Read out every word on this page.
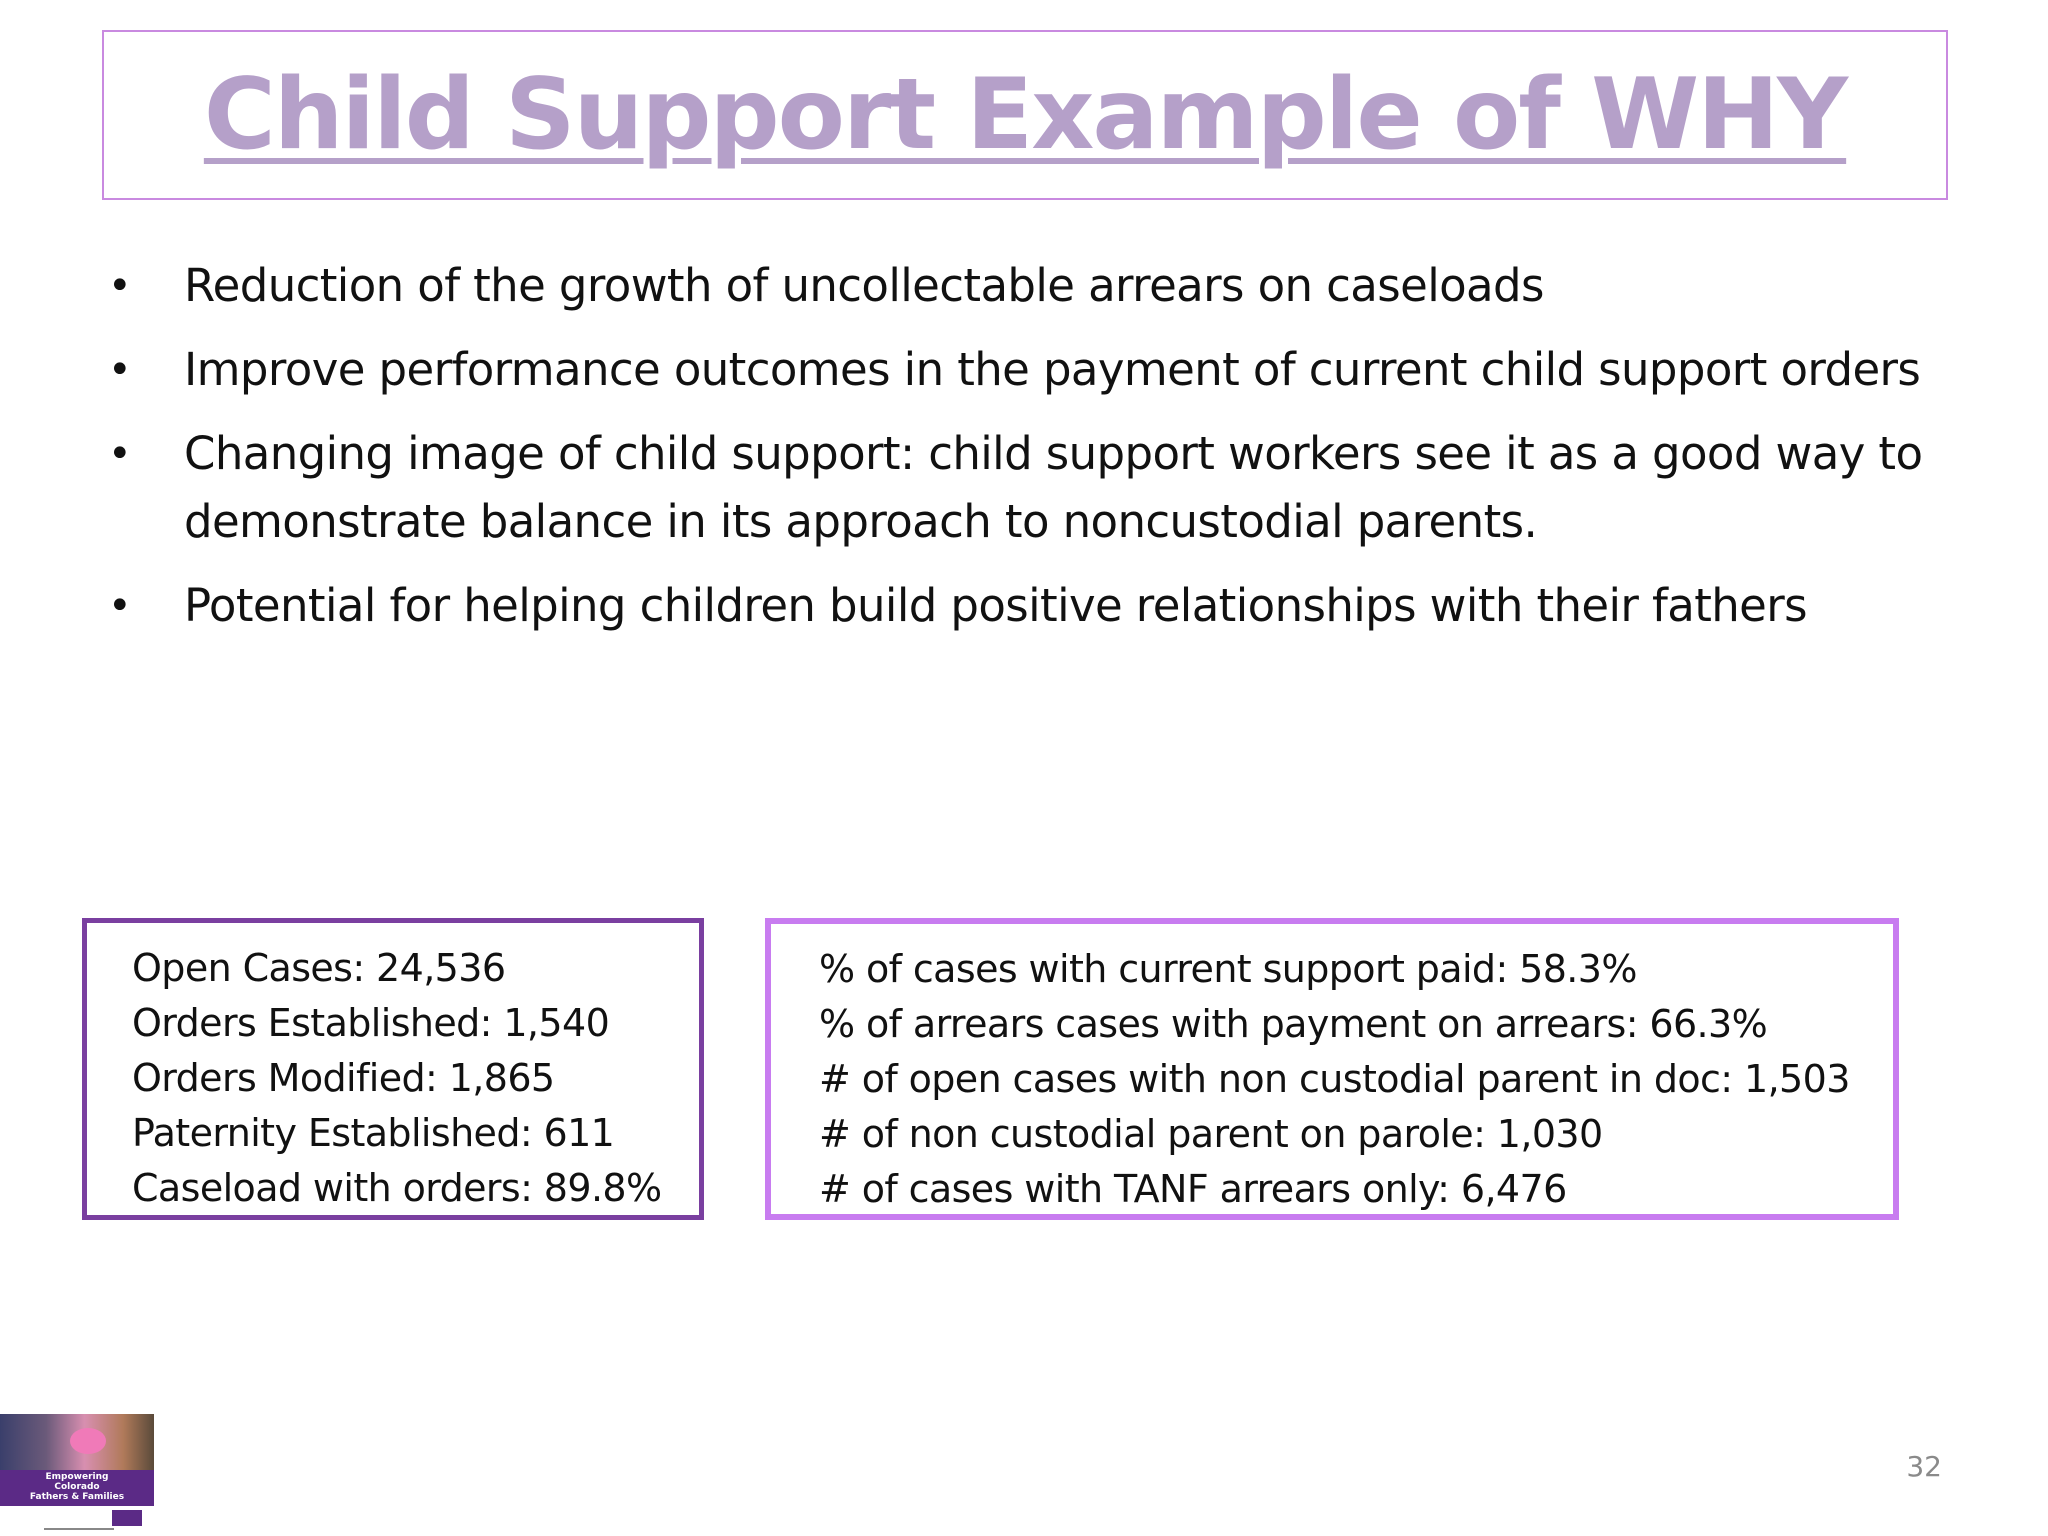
Child Support Example of WHY
• Reduction of the growth of uncollectable arrears on caseloads
• Improve performance outcomes in the payment of current child support orders
• Changing image of child support: child support workers see it as a good way to demonstrate balance in its approach to noncustodial parents.
• Potential for helping children build positive relationships with their fathers
Open Cases: 24,536
Orders Established: 1,540
Orders Modified: 1,865
Paternity Established: 611
Caseload with orders: 89.8%
% of cases with current support paid: 58.3%
% of arrears cases with payment on arrears: 66.3%
# of open cases with non custodial parent in doc: 1,503
# of non custodial parent on parole: 1,030
# of cases with TANF arrears only: 6,476
Empowering
Colorado
Fathers & Families
32
